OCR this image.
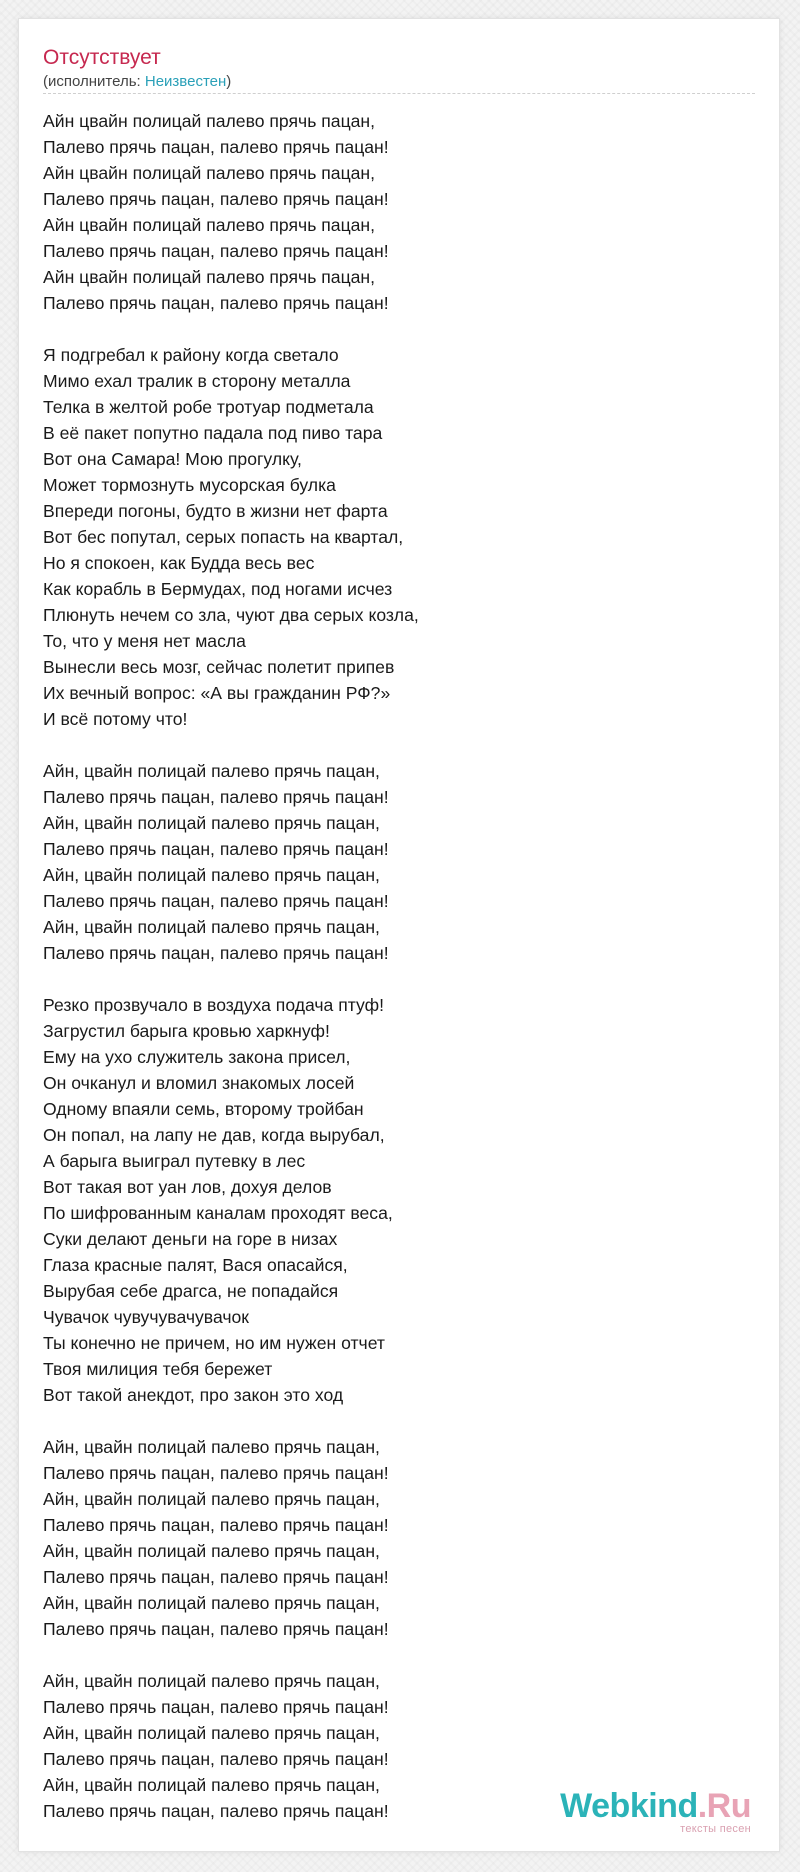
Отсутствует
(исполнитель: Неизвестен)
Айн цвайн полицай палево прячь пацан,
Палево прячь пацан, палево прячь пацан!
Айн цвайн полицай палево прячь пацан,
Палево прячь пацан, палево прячь пацан!
Айн цвайн полицай палево прячь пацан,
Палево прячь пацан, палево прячь пацан!
Айн цвайн полицай палево прячь пацан,
Палево прячь пацан, палево прячь пацан!
Я подгребал к району когда светало
Мимо ехал тралик в сторону металла
Телка в желтой робе тротуар подметала
В её пакет попутно падала под пиво тара
Вот она Самара! Мою прогулку,
Может тормознуть мусорская булка
Впереди погоны, будто в жизни нет фарта
Вот бес попутал, серых попасть на квартал,
Но я спокоен, как Будда весь вес
Как корабль в Бермудах, под ногами исчез
Плюнуть нечем со зла, чуют два серых козла,
То, что у меня нет масла
Вынесли весь мозг, сейчас полетит припев
Их вечный вопрос: «А вы гражданин РФ?»
И всё потому что!
Айн, цвайн полицай палево прячь пацан,
Палево прячь пацан, палево прячь пацан!
Айн, цвайн полицай палево прячь пацан,
Палево прячь пацан, палево прячь пацан!
Айн, цвайн полицай палево прячь пацан,
Палево прячь пацан, палево прячь пацан!
Айн, цвайн полицай палево прячь пацан,
Палево прячь пацан, палево прячь пацан!
Резко прозвучало в воздуха подача птуф!
Загрустил барыга кровью харкнуф!
Ему на ухо служитель закона присел,
Он очканул и вломил знакомых лосей
Одному впаяли семь, второму тройбан
Он попал, на лапу не дав, когда вырубал,
А барыга выиграл путевку в лес
Вот такая вот уан лов, дохуя делов
По шифрованным каналам проходят веса,
Суки делают деньги на горе в низах
Глаза красные палят, Вася опасайся,
Вырубая себе драгса, не попадайся
Чувачок чувучувачувачок
Ты конечно не причем, но им нужен отчет
Твоя милиция тебя бережет
Вот такой анекдот, про закон это ход
Айн, цвайн полицай палево прячь пацан,
Палево прячь пацан, палево прячь пацан!
Айн, цвайн полицай палево прячь пацан,
Палево прячь пацан, палево прячь пацан!
Айн, цвайн полицай палево прячь пацан,
Палево прячь пацан, палево прячь пацан!
Айн, цвайн полицай палево прячь пацан,
Палево прячь пацан, палево прячь пацан!
Айн, цвайн полицай палево прячь пацан,
Палево прячь пацан, палево прячь пацан!
Айн, цвайн полицай палево прячь пацан,
Палево прячь пацан, палево прячь пацан!
Айн, цвайн полицай палево прячь пацан,
Палево прячь пацан, палево прячь пацан!	Webkind.Ru
тексты песен
